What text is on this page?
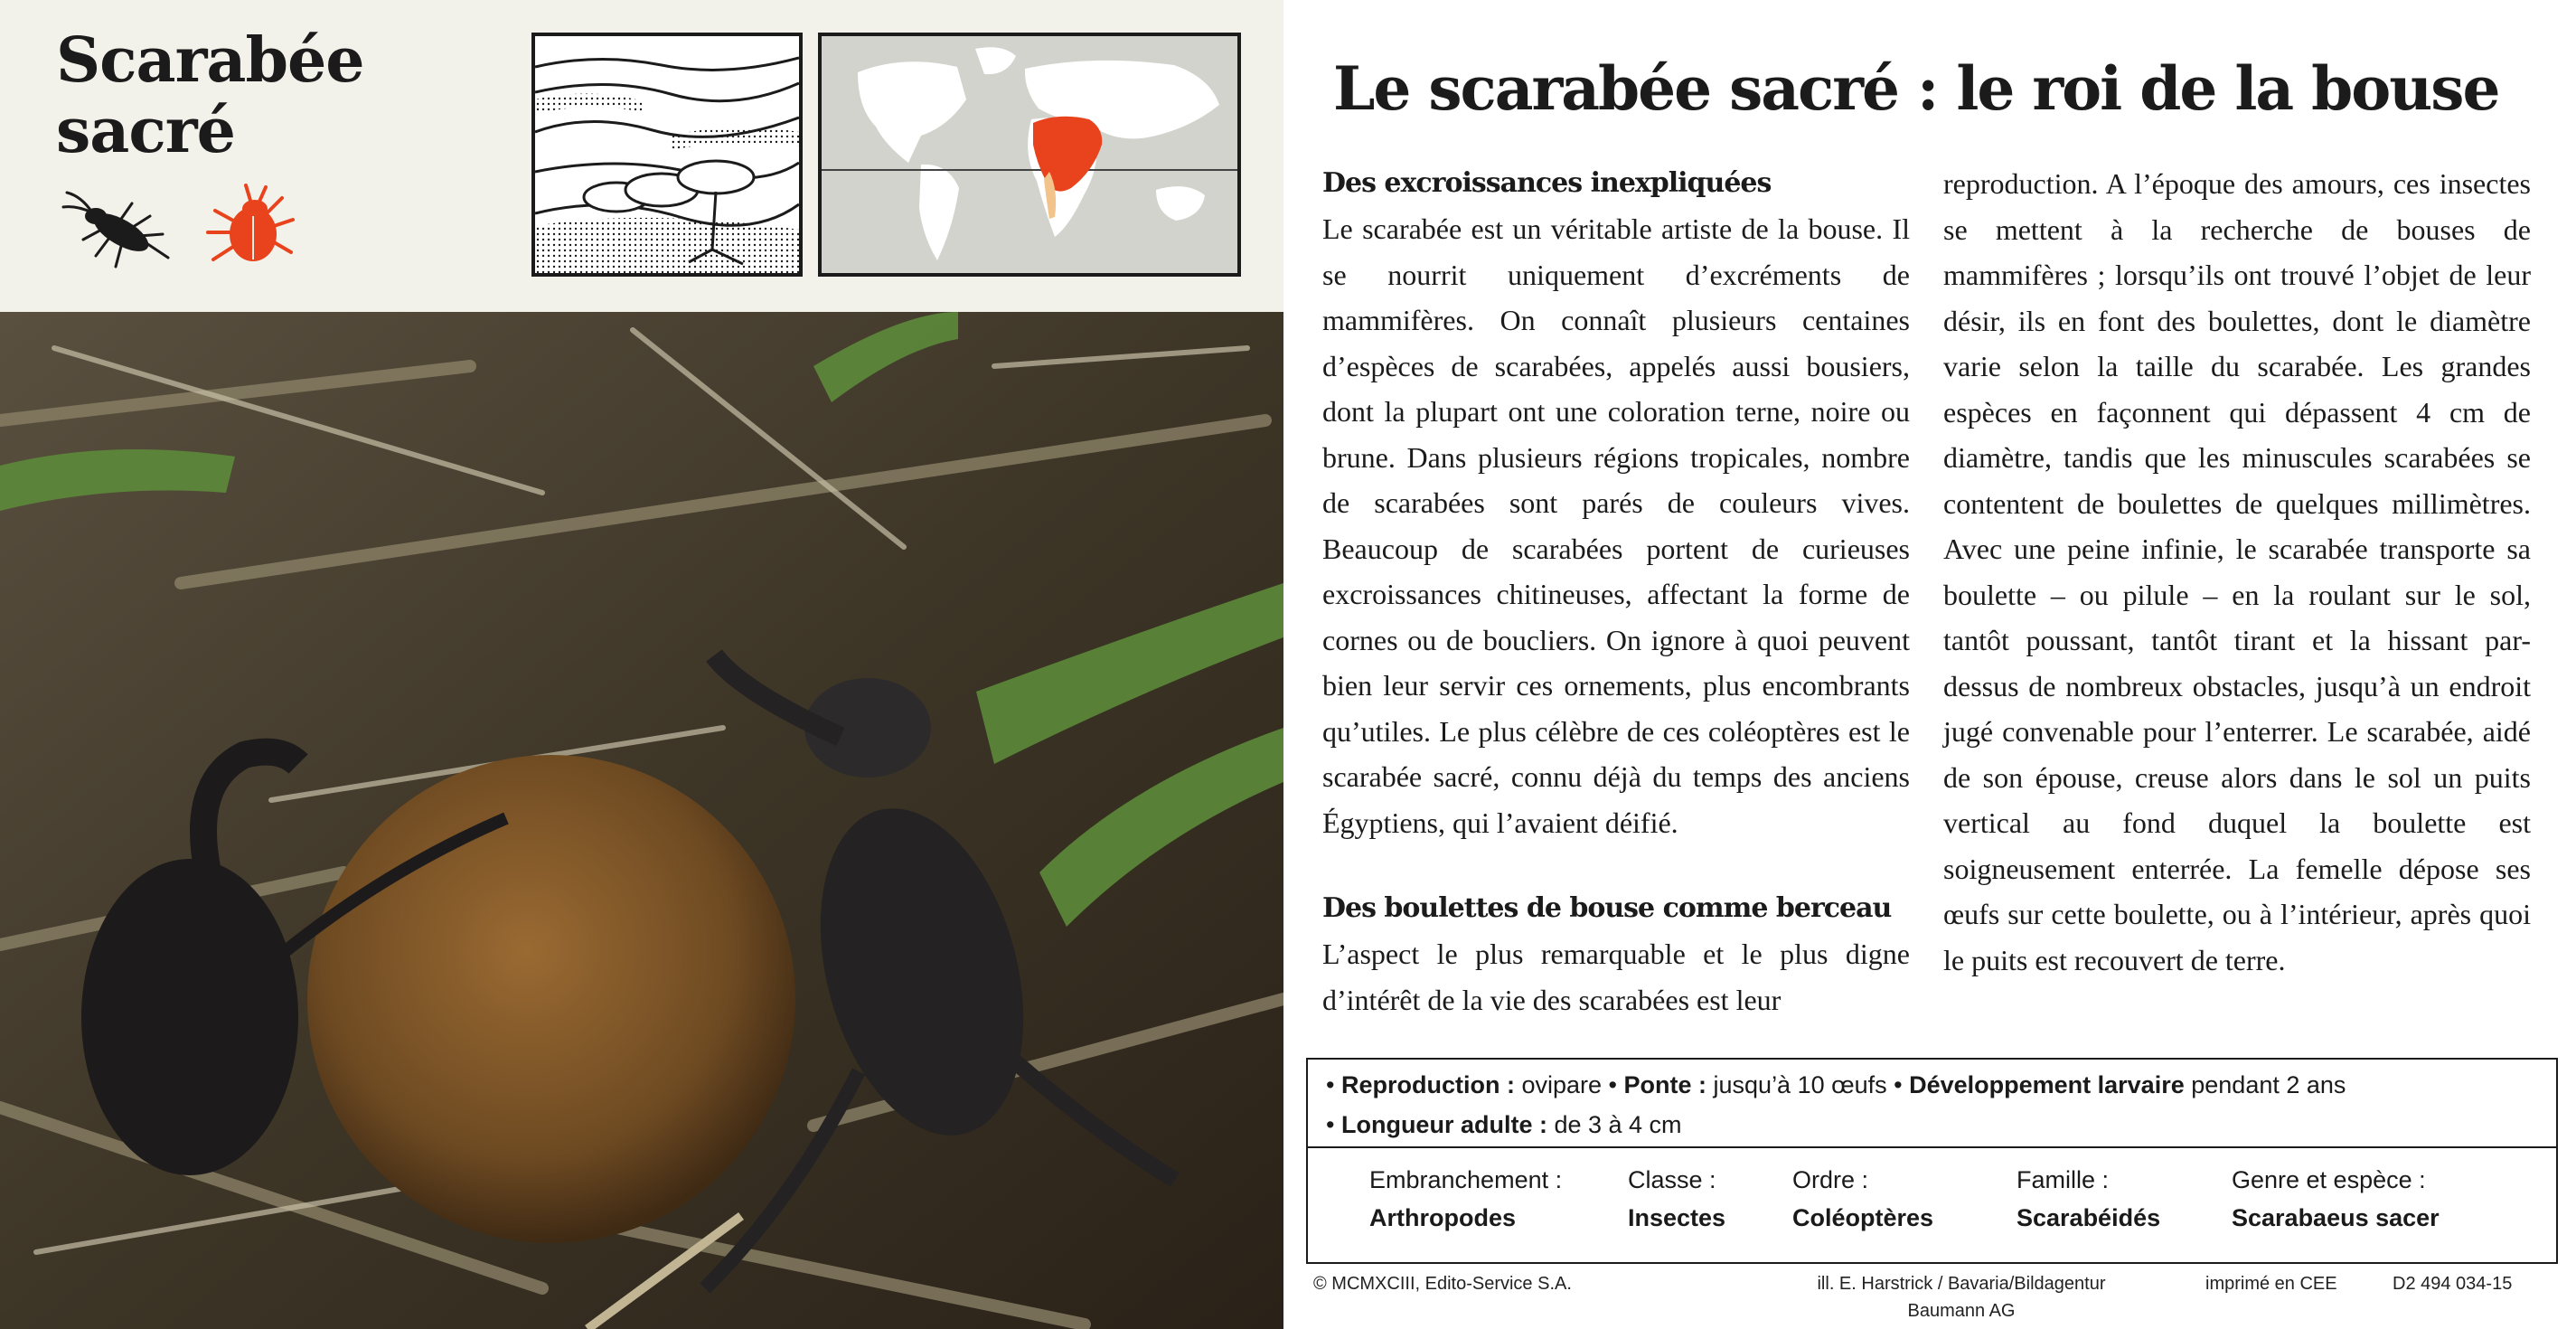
Scarabée
sacré
Le scarabée sacré : le roi de la bouse
Des excroissances inexpliquées

Le scarabée est un véritable artiste de la bouse. Il se nourrit uniquement d’excréments de mammifères. On connaît plusieurs centaines d’espèces de scarabées, appelés aussi bousiers, dont la plupart ont une coloration terne, noire ou brune. Dans plusieurs régions tropicales, nombre de scarabées sont parés de couleurs vives. Beaucoup de scarabées portent de curieuses excroissances chitineuses, affectant la forme de cornes ou de boucliers. On ignore à quoi peuvent bien leur servir ces ornements, plus encombrants qu’utiles. Le plus célèbre de ces coléoptères est le scarabée sacré, connu déjà du temps des anciens Égyptiens, qui l’avaient déifié.

Des boulettes de bouse comme berceau

L’aspect le plus remarquable et le plus digne d’intérêt de la vie des scarabées est leur

reproduction. A l’époque des amours, ces insectes se mettent à la recherche de bouses de mammifères ; lorsqu’ils ont trouvé l’objet de leur désir, ils en font des boulettes, dont le diamètre varie selon la taille du scarabée. Les grandes espèces en façonnent qui dépassent 4 cm de diamètre, tandis que les minuscules scarabées se contentent de boulettes de quelques millimètres. Avec une peine infinie, le scarabée transporte sa boulette – ou pilule – en la roulant sur le sol, tantôt poussant, tantôt tirant et la hissant par-dessus de nombreux obstacles, jusqu’à un endroit jugé convenable pour l’enterrer. Le scarabée, aidé de son épouse, creuse alors dans le sol un puits vertical au fond duquel la boulette est soigneusement enterrée. La femelle dépose ses œufs sur cette boulette, ou à l’intérieur, après quoi le puits est recouvert de terre.

• Reproduction : ovipare • Ponte : jusqu’à 10 œufs • Développement larvaire pendant 2 ans
• Longueur adulte : de 3 à 4 cm
Embranchement :
Arthropodes
Classe :
Insectes
Ordre :
Coléoptères
Famille :
Scarabéidés
Genre et espèce :
Scarabaeus sacer
© MCMXCIII, Edito-Service S.A.	ill. E. Harstrick / Bavaria/Bildagentur
Baumann AG
imprimé en CEE	D2 494 034-15
